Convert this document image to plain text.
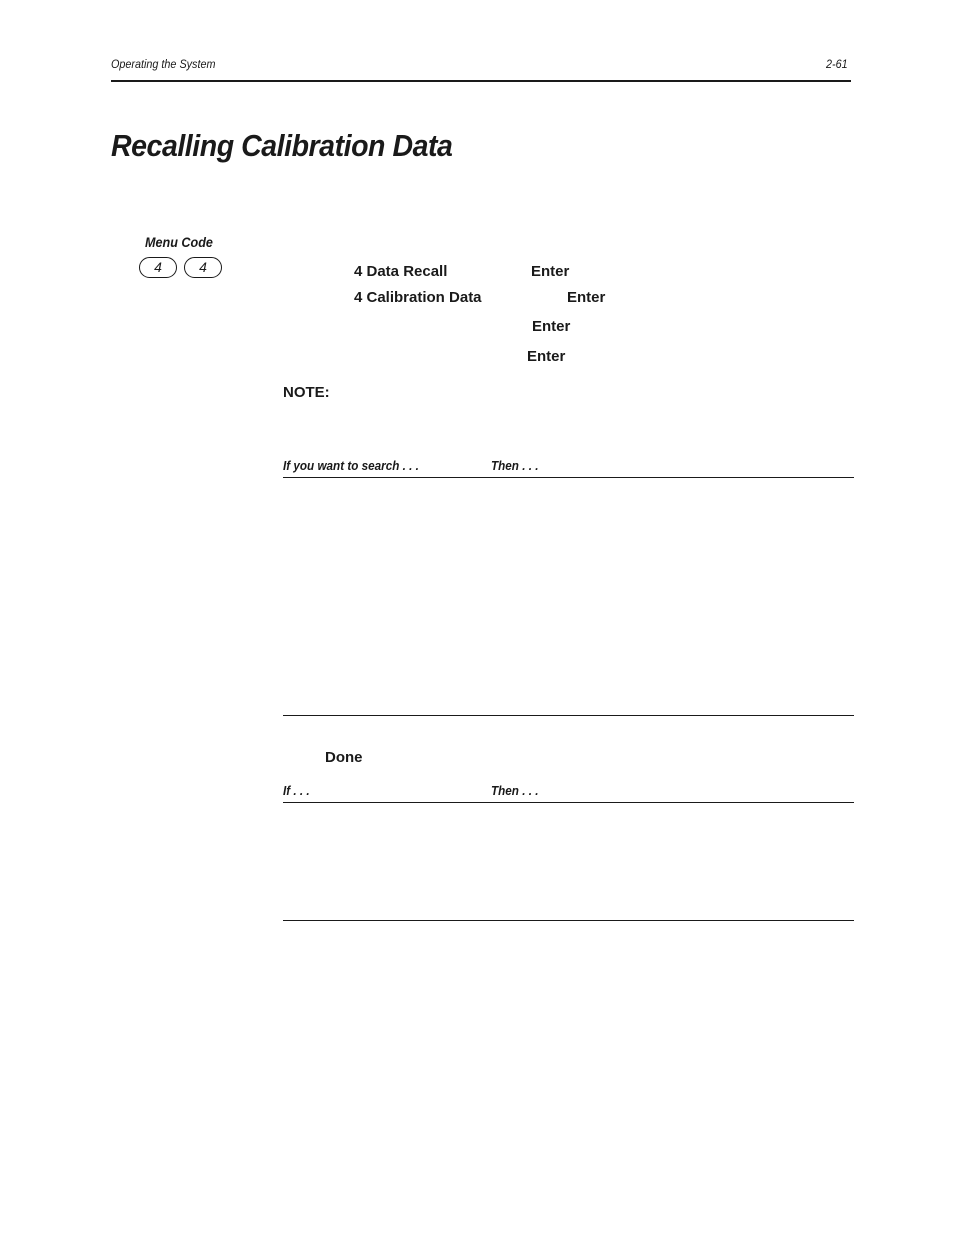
Operating the System	2-61
Recalling Calibration Data
Menu Code
4	4	4 Data Recall	Enter
4 Calibration Data	Enter
Enter
Enter
NOTE:
If you want to search . . .	Then . . .
Done
If . . .	Then . . .
